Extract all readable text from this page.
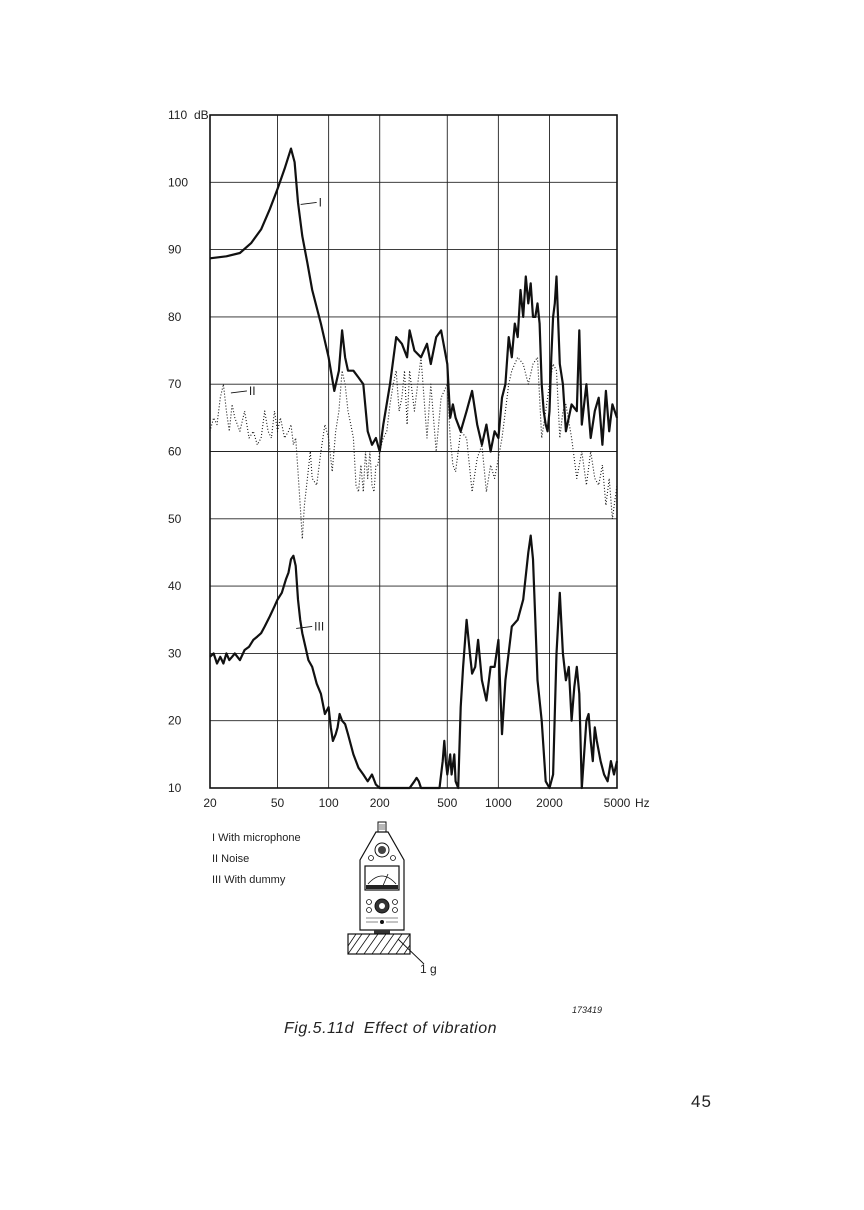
I
II
III
20	50	100	200	500 1000 2000	5000
10
20
30
40
50
60
70
80
90
100
110 dB
Hz
1 g
I With microphone
II Noise
III With dummy
173419
Fig.5.11d  Effect of vibration
45
